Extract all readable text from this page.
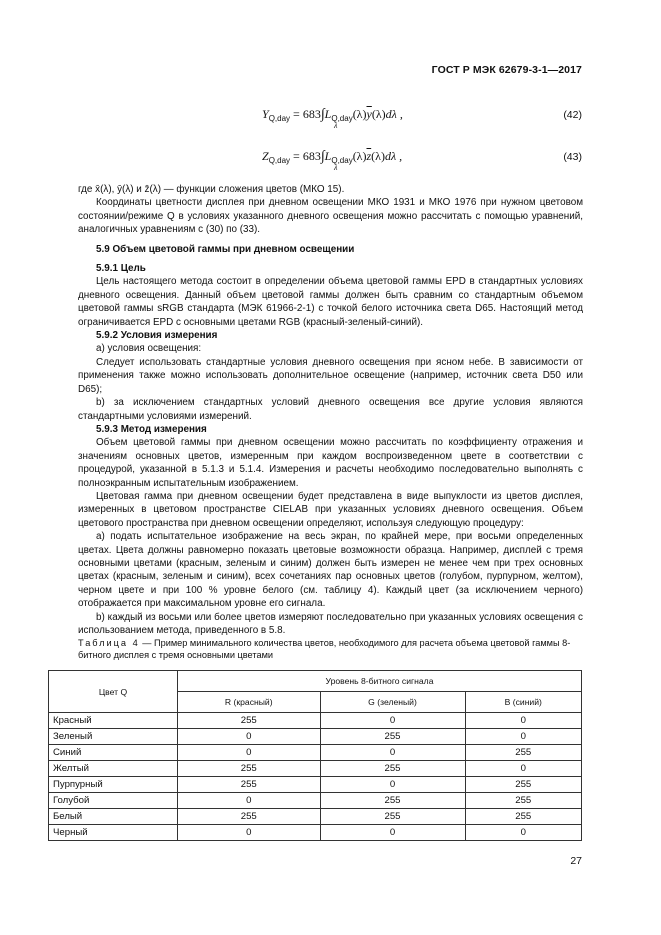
ГОСТ Р МЭК 62679-3-1—2017
$Y_{Q,day} = 683\int L_{Q,day}(\lambda)\overline{y}(\lambda)d\lambda$ ,
λ
(42)
$Z_{Q,day} = 683\int L_{Q,day}(\lambda)\overline{z}(\lambda)d\lambda$ ,
λ
(43)

где x̄(λ), ȳ(λ) и z̄(λ) — функции сложения цветов (МКО 15).

Координаты цветности дисплея при дневном освещении МКО 1931 и МКО 1976 при нужном цветовом состоянии/режиме Q в условиях указанного дневного освещения можно рассчитать с помощью уравнений, аналогичных уравнениям с (30) по (33).

5.9 Объем цветовой гаммы при дневном освещении

5.9.1 Цель

Цель настоящего метода состоит в определении объема цветовой гаммы EPD в стандартных условиях дневного освещения. Данный объем цветовой гаммы должен быть сравним со стандартным объемом цветовой гаммы sRGB стандарта (МЭК 61966-2-1) с точкой белого источника света D65. Настоящий метод ограничивается EPD с основными цветами RGB (красный-зеленый-синий).

5.9.2 Условия измерения

а) условия освещения:

Следует использовать стандартные условия дневного освещения при ясном небе. В зависимости от применения также можно использовать дополнительное освещение (например, источник света D50 или D65);

b) за исключением стандартных условий дневного освещения все другие условия являются стандартными условиями измерений.

5.9.3 Метод измерения

Объем цветовой гаммы при дневном освещении можно рассчитать по коэффициенту отражения и значениям основных цветов, измеренным при каждом воспроизведенном цвете в соответствии с процедурой, указанной в 5.1.3 и 5.1.4. Измерения и расчеты необходимо последовательно выполнять с полноэкранным испытательным изображением.

Цветовая гамма при дневном освещении будет представлена в виде выпуклости из цветов дисплея, измеренных в цветовом пространстве CIELAB при указанных условиях дневного освещения. Объем цветового пространства при дневном освещении определяют, используя следующую процедуру:

а) подать испытательное изображение на весь экран, по крайней мере, при восьми определенных цветах. Цвета должны равномерно показать цветовые возможности образца. Например, дисплей с тремя основными цветами (красным, зеленым и синим) должен быть измерен не менее чем при трех основных цветах (красным, зеленым и синим), всех сочетаниях пар основных цветов (голубом, пурпурном, желтом), черном цвете и при 100 % уровне белого (см. таблицу 4). Каждый цвет (за исключением черного) отображается при максимальном уровне его сигнала.

b) каждый из восьми или более цветов измеряют последовательно при указанных условиях освещения с использованием метода, приведенного в 5.8.

Таблица 4 — Пример минимального количества цветов, необходимого для расчета объема цветовой гаммы 8-битного дисплея с тремя основными цветами
Цвет Q	Уровень 8-битного сигнала		
	R (красный)	G (зеленый)	B (синий)
Красный	255	0	0
Зеленый	0	255	0
Синий	0	0	255
Желтый	255	255	0
Пурпурный	255	0	255
Голубой	0	255	255
Белый	255	255	255
Черный	0	0	0
27
